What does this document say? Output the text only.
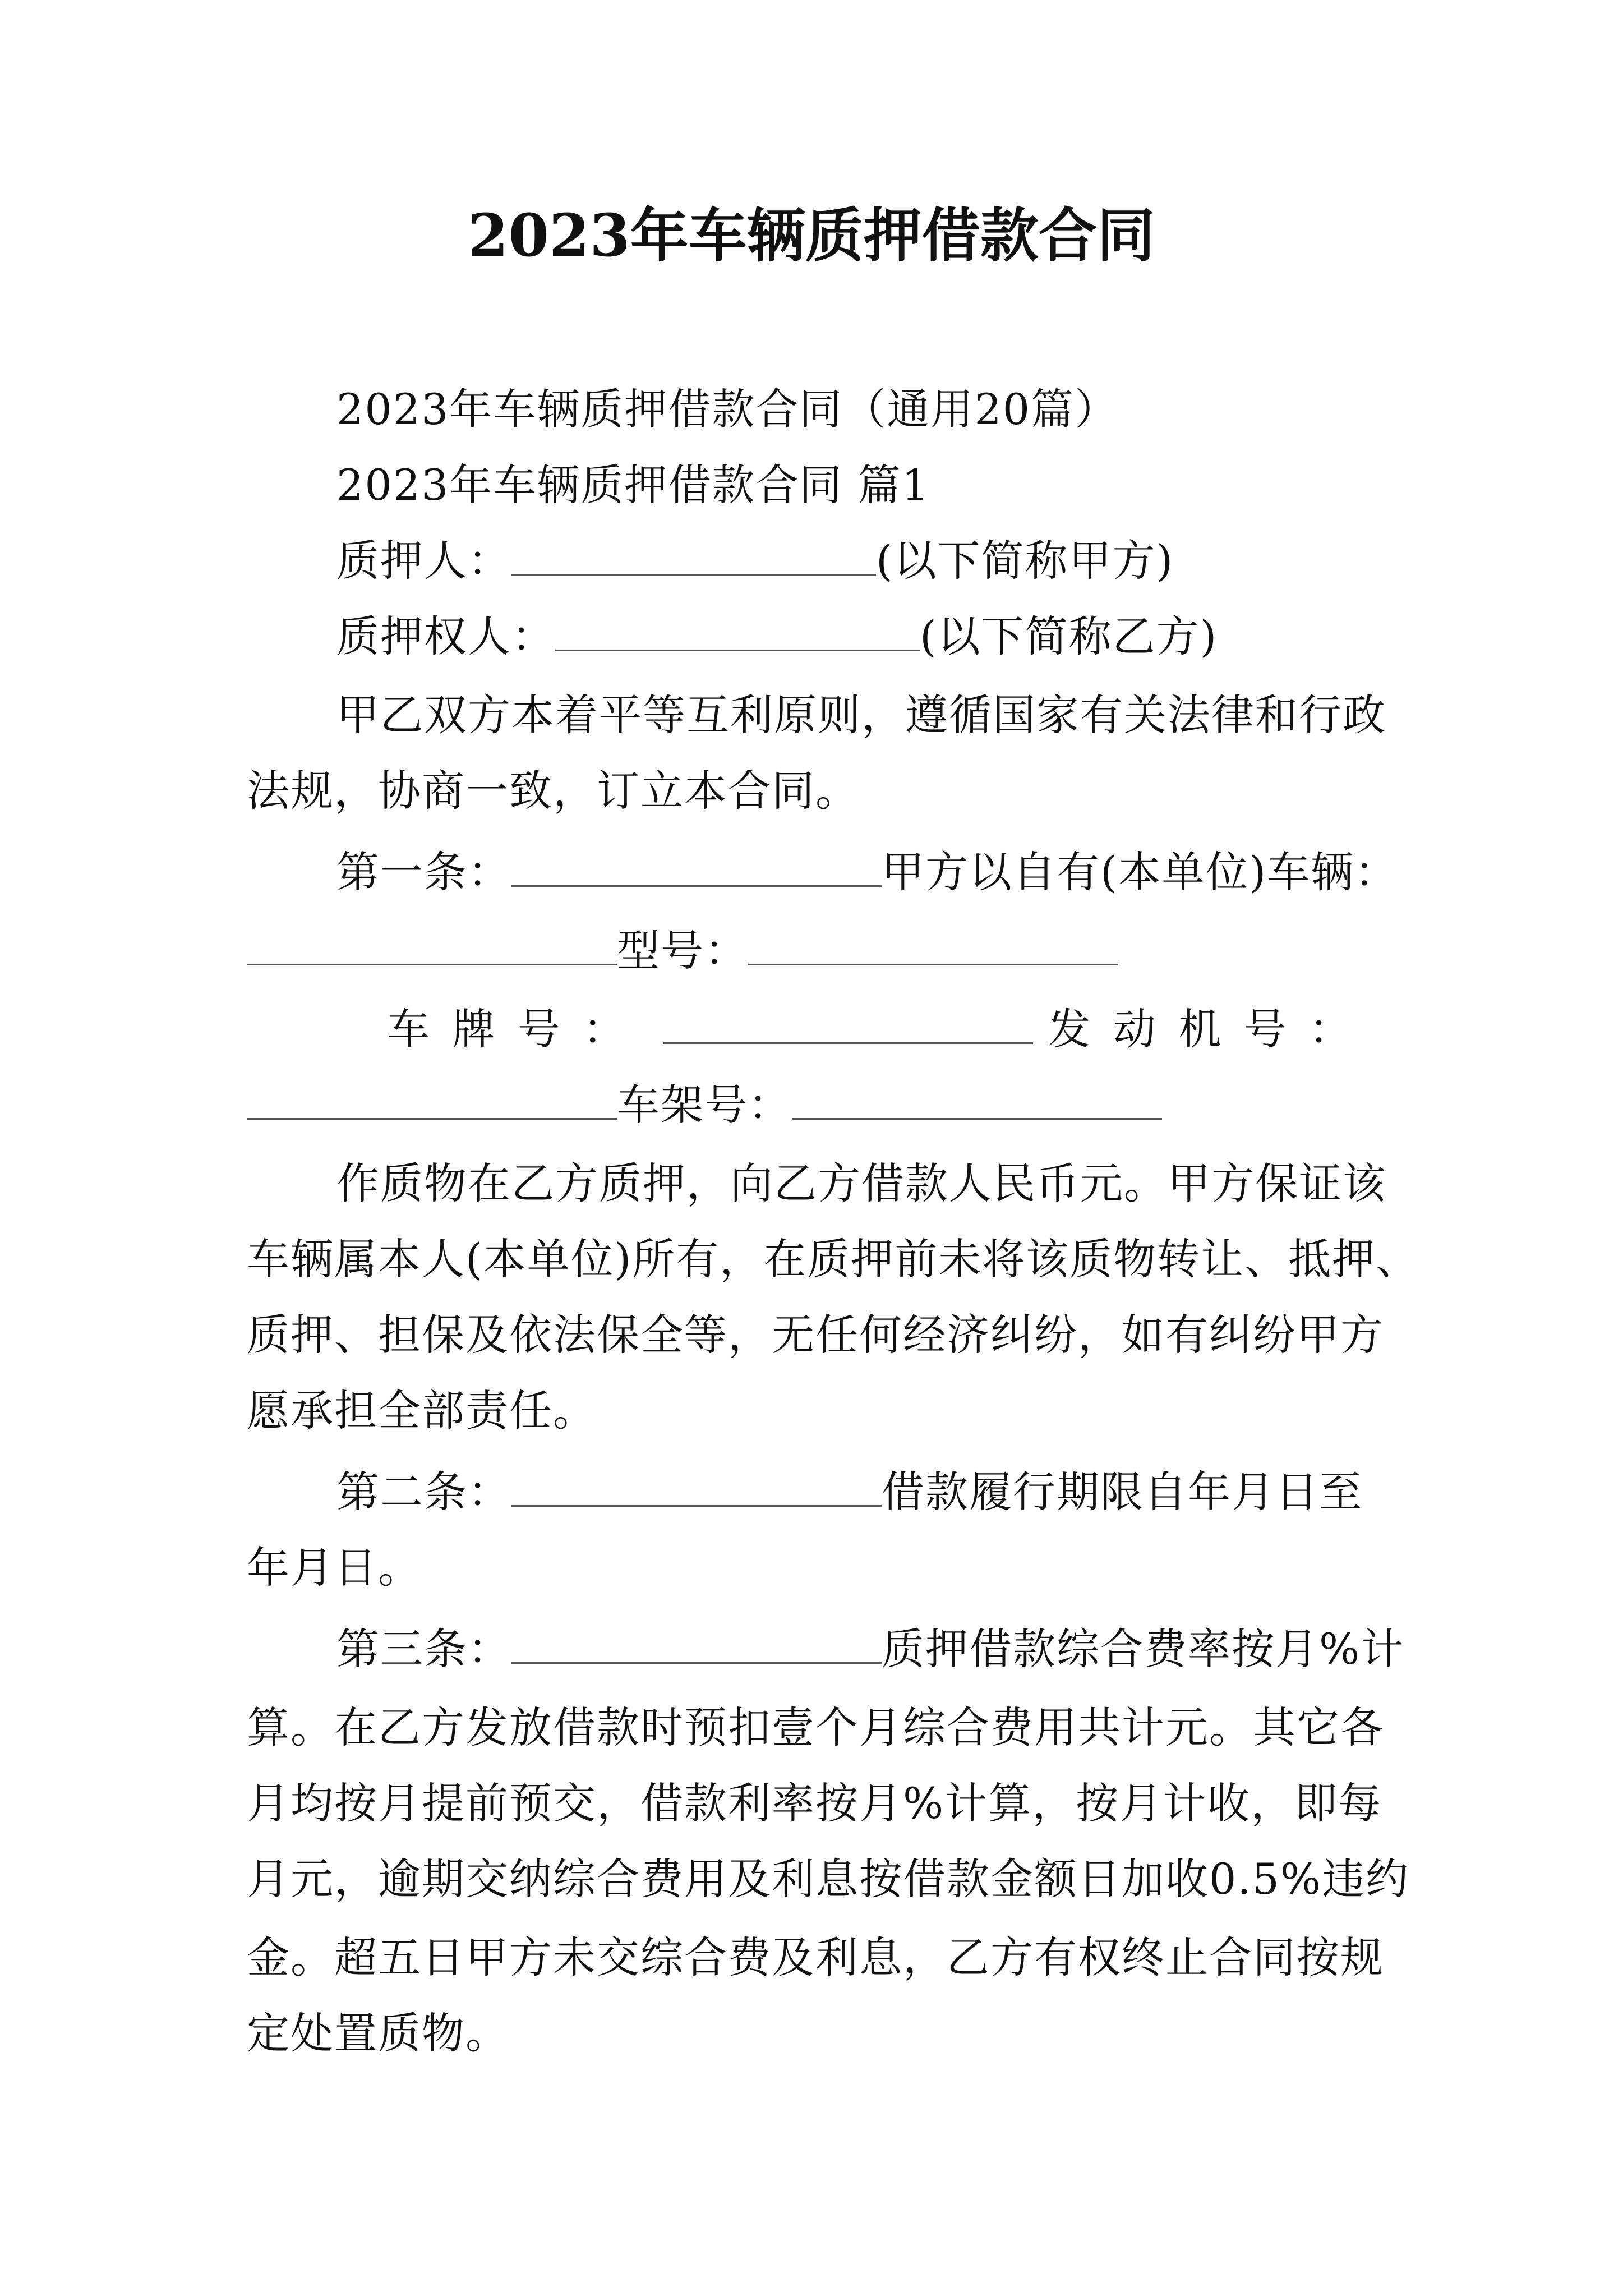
2023年车辆质押借款合同
2023年车辆质押借款合同（通用20篇）
2023年车辆质押借款合同 篇1
质押人：	(以下简称甲方)
质押权人：	(以下简称乙方)
甲乙双方本着平等互利原则，遵循国家有关法律和行政
法规，协商一致，订立本合同。
第一条：	甲方以自有(本单位)车辆：
型号：
车牌号：	发动机号：
车架号：
作质物在乙方质押，向乙方借款人民币元。甲方保证该
车辆属本人(本单位)所有，在质押前未将该质物转让、抵押、
质押、担保及依法保全等，无任何经济纠纷，如有纠纷甲方
愿承担全部责任。
第二条：	借款履行期限自年月日至
年月日。
第三条：	质押借款综合费率按月%计
算。在乙方发放借款时预扣壹个月综合费用共计元。其它各
月均按月提前预交，借款利率按月%计算，按月计收，即每
月元，逾期交纳综合费用及利息按借款金额日加收0.5%违约
金。超五日甲方未交综合费及利息，乙方有权终止合同按规
定处置质物。
